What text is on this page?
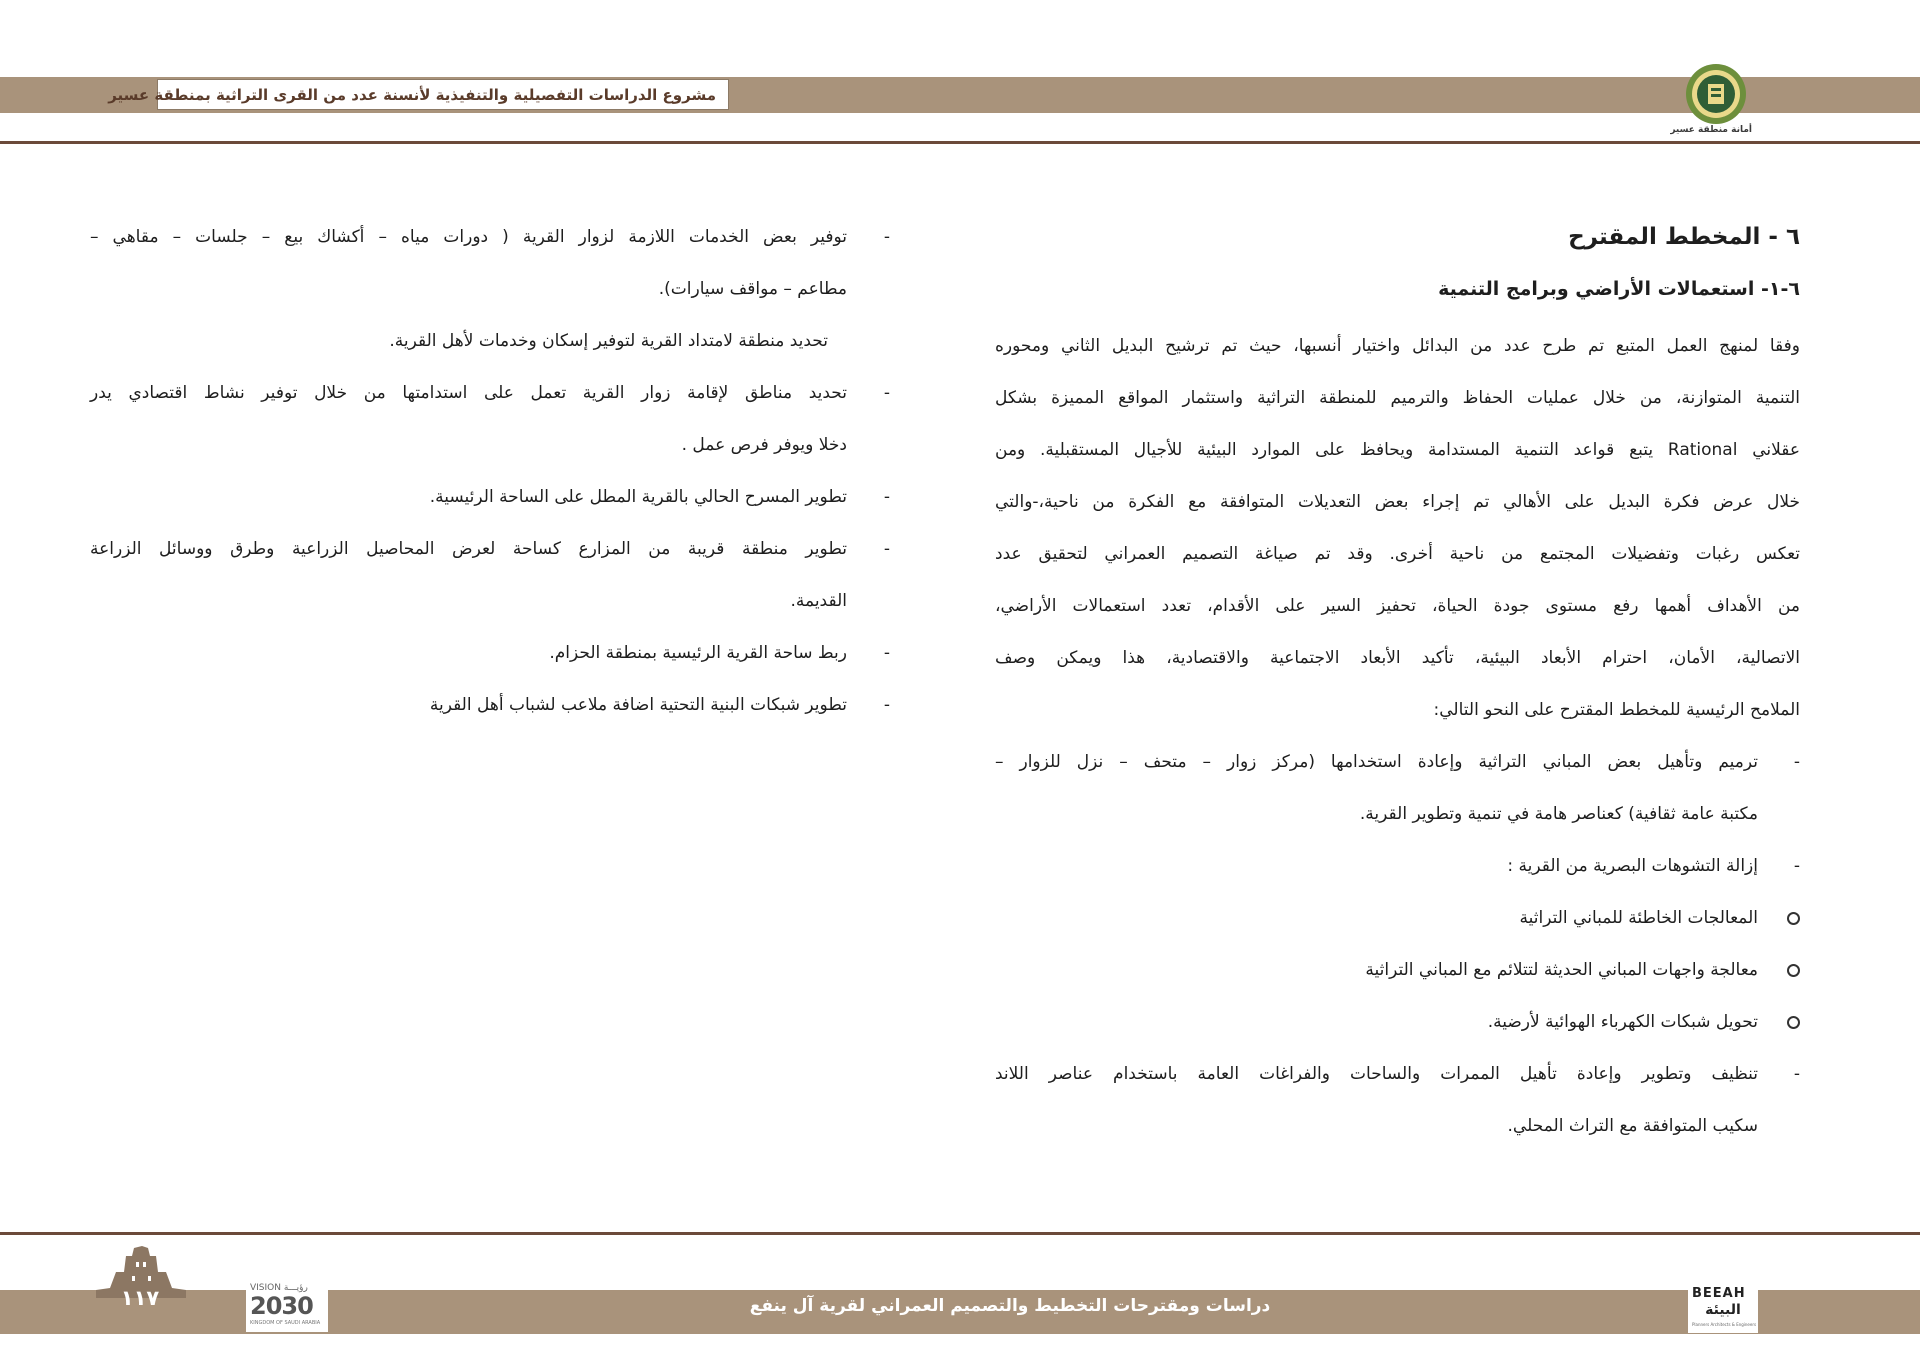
مشروع الدراسات التفصيلية والتنفيذية لأنسنة عدد من القرى التراثية بمنطقة عسير
أمانة منطقة عسير
٦ - المخطط المقترح
٦-١- استعمالات الأراضي وبرامج التنمية
وفقا لمنهج العمل المتبع تم طرح عدد من البدائل واختيار أنسبها، حيث تم ترشيح البديل الثاني ومحوره
التنمية المتوازنة، من خلال عمليات الحفاظ والترميم للمنطقة التراثية واستثمار المواقع المميزة بشكل
عقلاني Rational يتبع قواعد التنمية المستدامة ويحافظ على الموارد البيئية للأجيال المستقبلية. ومن
خلال عرض فكرة البديل على الأهالي تم إجراء بعض التعديلات المتوافقة مع الفكرة من ناحية،-والتي
تعكس رغبات وتفضيلات المجتمع من ناحية أخرى. وقد تم صياغة التصميم العمراني لتحقيق عدد
من الأهداف أهمها رفع مستوى جودة الحياة، تحفيز السير على الأقدام، تعدد استعمالات الأراضي،
الاتصالية، الأمان، احترام الأبعاد البيئية، تأكيد الأبعاد الاجتماعية والاقتصادية، هذا ويمكن وصف
الملامح الرئيسية للمخطط المقترح على النحو التالي:
-
ترميم وتأهيل بعض المباني التراثية وإعادة استخدامها (مركز زوار – متحف – نزل للزوار –
مكتبة عامة ثقافية) كعناصر هامة في تنمية وتطوير القرية.
-
إزالة التشوهات البصرية من القرية :
المعالجات الخاطئة للمباني التراثية
معالجة واجهات المباني الحديثة لتتلائم مع المباني التراثية
تحويل شبكات الكهرباء الهوائية لأرضية.
-
تنظيف وتطوير وإعادة تأهيل الممرات والساحات والفراغات العامة باستخدام عناصر اللاند
سكيب المتوافقة مع التراث المحلي.
-
توفير بعض الخدمات اللازمة لزوار القرية ( دورات مياه – أكشاك بيع – جلسات – مقاهي –
مطاعم – مواقف سيارات).
تحديد منطقة لامتداد القرية لتوفير إسكان وخدمات لأهل القرية.
-
تحديد مناطق لإقامة زوار القرية تعمل على استدامتها من خلال توفير نشاط اقتصادي يدر
دخلا ويوفر فرص عمل .
-
تطوير المسرح الحالي بالقرية المطل على الساحة الرئيسية.
-
تطوير منطقة قريبة من المزارع كساحة لعرض المحاصيل الزراعية وطرق ووسائل الزراعة
القديمة.
-
ربط ساحة القرية الرئيسية بمنطقة الحزام.
-
تطوير شبكات البنية التحتية اضافة ملاعب لشباب أهل القرية
١١٧	VISION رؤيـــة
2030
KINGDOM OF SAUDI ARABIA
دراسات ومقترحات التخطيط والتصميم العمراني لقرية آل ينفع
BEEAH
البيئة
Planners Architects & Engineers
